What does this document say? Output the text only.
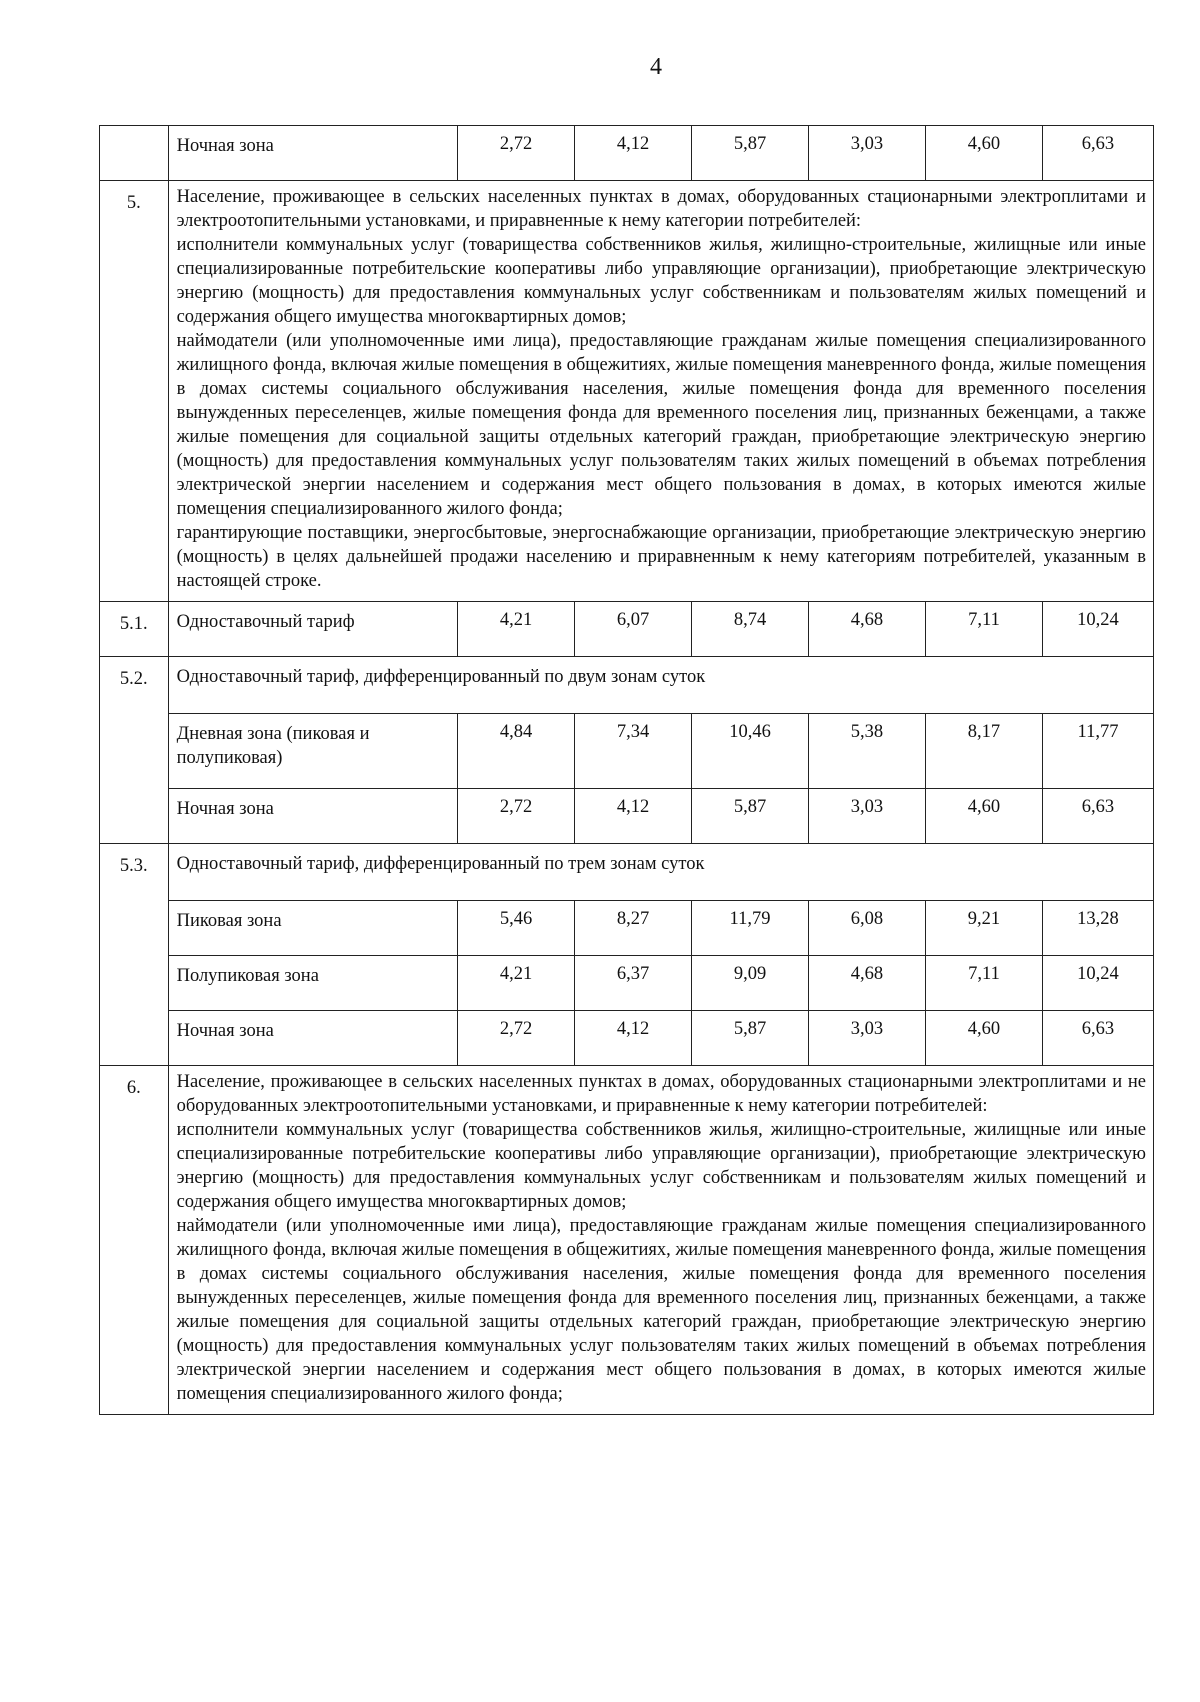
4
	Ночная зона	2,72	4,12	5,87	3,03	4,60	6,63
5.	Население, проживающее в сельских населенных пунктах в домах, оборудованных стационарными электроплитами и электроотопительными установками, и приравненные к нему категории потребителей:
исполнители коммунальных услуг (товарищества собственников жилья, жилищно-строительные, жилищные или иные специализированные потребительские кооперативы либо управляющие организации), приобретающие электрическую энергию (мощность) для предоставления коммунальных услуг собственникам и пользователям жилых помещений и содержания общего имущества многоквартирных домов;
наймодатели (или уполномоченные ими лица), предоставляющие гражданам жилые помещения специализированного жилищного фонда, включая жилые помещения в общежитиях, жилые помещения маневренного фонда, жилые помещения в домах системы социального обслуживания населения, жилые помещения фонда для временного поселения вынужденных переселенцев, жилые помещения фонда для временного поселения лиц, признанных беженцами, а также жилые помещения для социальной защиты отдельных категорий граждан, приобретающие электрическую энергию (мощность) для предоставления коммунальных услуг пользователям таких жилых помещений в объемах потребления электрической энергии населением и содержания мест общего пользования в домах, в которых имеются жилые помещения специализированного жилого фонда;
гарантирующие поставщики, энергосбытовые, энергоснабжающие организации, приобретающие электрическую энергию (мощность) в целях дальнейшей продажи населению и приравненным к нему категориям потребителей, указанным в настоящей строке.						

5.1.	Одноставочный тариф	4,21	6,07	8,74	4,68	7,11	10,24
5.2.	Одноставочный тариф, дифференцированный по двум зонам суток						
	Дневная зона (пиковая и полупиковая)	4,84	7,34	10,46	5,38	8,17	11,77
	Ночная зона	2,72	4,12	5,87	3,03	4,60	6,63
5.3.	Одноставочный тариф, дифференцированный по трем зонам суток						
	Пиковая зона	5,46	8,27	11,79	6,08	9,21	13,28
	Полупиковая зона	4,21	6,37	9,09	4,68	7,11	10,24
	Ночная зона	2,72	4,12	5,87	3,03	4,60	6,63
6.	Население, проживающее в сельских населенных пунктах в домах, оборудованных стационарными электроплитами и не оборудованных электроотопительными установками, и приравненные к нему категории потребителей:
исполнители коммунальных услуг (товарищества собственников жилья, жилищно-строительные, жилищные или иные специализированные потребительские кооперативы либо управляющие организации), приобретающие электрическую энергию (мощность) для предоставления коммунальных услуг собственникам и пользователям жилых помещений и содержания общего имущества многоквартирных домов;
наймодатели (или уполномоченные ими лица), предоставляющие гражданам жилые помещения специализированного жилищного фонда, включая жилые помещения в общежитиях, жилые помещения маневренного фонда, жилые помещения в домах системы социального обслуживания населения, жилые помещения фонда для временного поселения вынужденных переселенцев, жилые помещения фонда для временного поселения лиц, признанных беженцами, а также жилые помещения для социальной защиты отдельных категорий граждан, приобретающие электрическую энергию (мощность) для предоставления коммунальных услуг пользователям таких жилых помещений в объемах потребления электрической энергии населением и содержания мест общего пользования в домах, в которых имеются жилые помещения специализированного жилого фонда;						
